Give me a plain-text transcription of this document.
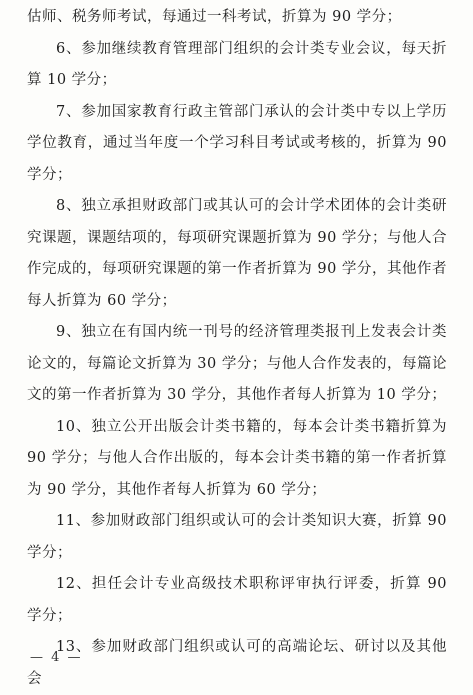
估师、税务师考试，每通过一科考试，折算为 90 学分；

6、参加继续教育管理部门组织的会计类专业会议，每天折算 10 学分；

7、参加国家教育行政主管部门承认的会计类中专以上学历学位教育，通过当年度一个学习科目考试或考核的，折算为 90 学分；

8、独立承担财政部门或其认可的会计学术团体的会计类研究课题，课题结项的，每项研究课题折算为 90 学分；与他人合作完成的，每项研究课题的第一作者折算为 90 学分，其他作者每人折算为 60 学分；

9、独立在有国内统一刊号的经济管理类报刊上发表会计类论文的，每篇论文折算为 30 学分；与他人合作发表的，每篇论文的第一作者折算为 30 学分，其他作者每人折算为 10 学分；

10、独立公开出版会计类书籍的，每本会计类书籍折算为 90 学分；与他人合作出版的，每本会计类书籍的第一作者折算为 90 学分，其他作者每人折算为 60 学分；

11、参加财政部门组织或认可的会计类知识大赛，折算 90 学分；

12、担任会计专业高级技术职称评审执行评委，折算 90 学分；

13、参加财政部门组织或认可的高端论坛、研讨以及其他会

— 4 —
